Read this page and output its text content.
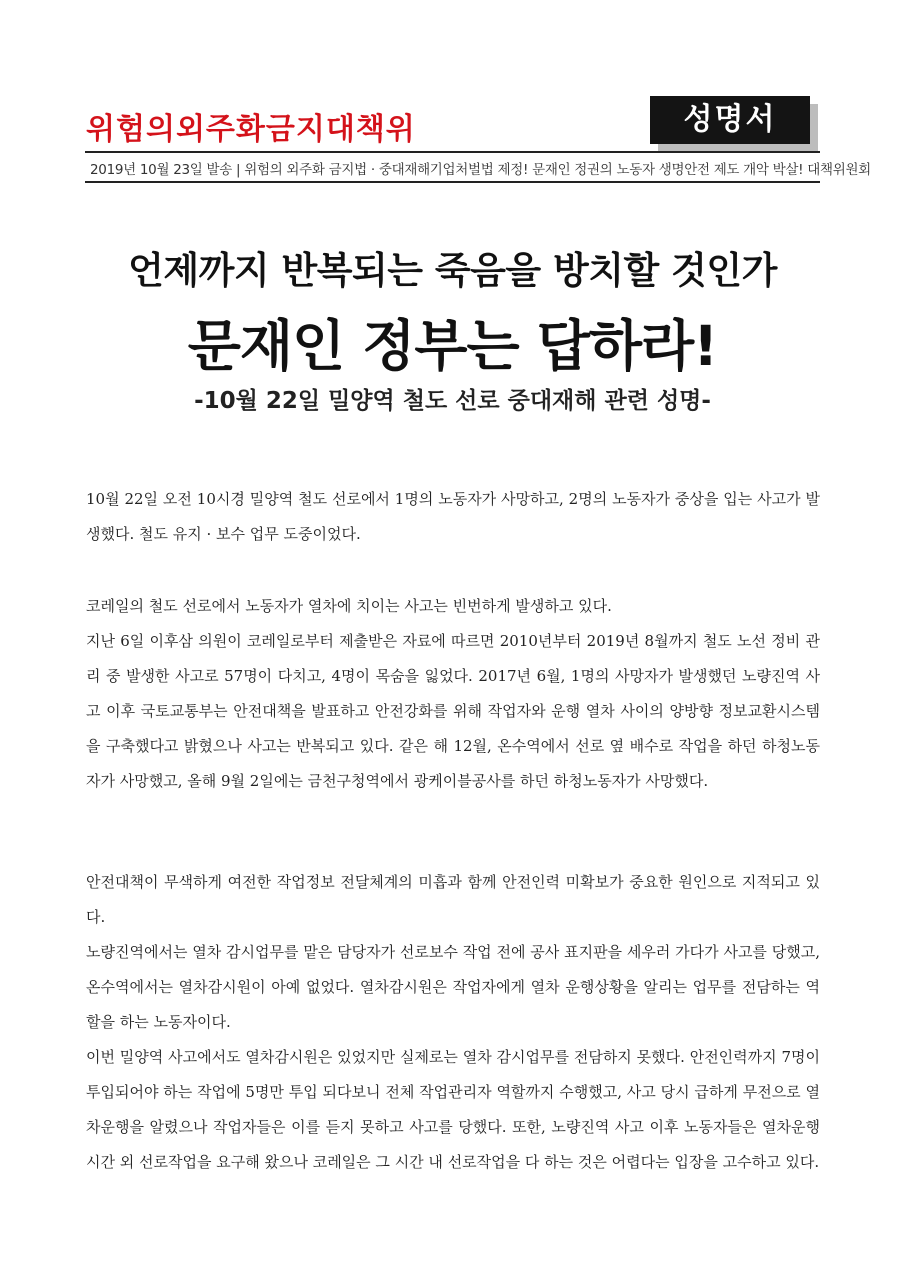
위험의외주화금지대책위	성명서
2019년 10월 23일 발송 | 위험의 외주화 금지법 · 중대재해기업처벌법 제정! 문재인 정권의 노동자 생명안전 제도 개악 박살! 대책위원회
언제까지 반복되는 죽음을 방치할 것인가
문재인 정부는 답하라!
-10월 22일 밀양역 철도 선로 중대재해 관련 성명-

10월 22일 오전 10시경 밀양역 철도 선로에서 1명의 노동자가 사망하고, 2명의 노동자가 중상을 입는 사고가 발생했다. 철도 유지 · 보수 업무 도중이었다.

코레일의 철도 선로에서 노동자가 열차에 치이는 사고는 빈번하게 발생하고 있다.

지난 6일 이후삼 의원이 코레일로부터 제출받은 자료에 따르면 2010년부터 2019년 8월까지 철도 노선 정비 관리 중 발생한 사고로 57명이 다치고, 4명이 목숨을 잃었다. 2017년 6월, 1명의 사망자가 발생했던 노량진역 사고 이후 국토교통부는 안전대책을 발표하고 안전강화를 위해 작업자와 운행 열차 사이의 양방향 정보교환시스템을 구축했다고 밝혔으나 사고는 반복되고 있다. 같은 해 12월, 온수역에서 선로 옆 배수로 작업을 하던 하청노동자가 사망했고, 올해 9월 2일에는 금천구청역에서 광케이블공사를 하던 하청노동자가 사망했다.

안전대책이 무색하게 여전한 작업정보 전달체계의 미흡과 함께 안전인력 미확보가 중요한 원인으로 지적되고 있다.

노량진역에서는 열차 감시업무를 맡은 담당자가 선로보수 작업 전에 공사 표지판을 세우러 가다가 사고를 당했고, 온수역에서는 열차감시원이 아예 없었다. 열차감시원은 작업자에게 열차 운행상황을 알리는 업무를 전담하는 역할을 하는 노동자이다.

이번 밀양역 사고에서도 열차감시원은 있었지만 실제로는 열차 감시업무를 전담하지 못했다. 안전인력까지 7명이 투입되어야 하는 작업에 5명만 투입 되다보니 전체 작업관리자 역할까지 수행했고, 사고 당시 급하게 무전으로 열차운행을 알렸으나 작업자들은 이를 듣지 못하고 사고를 당했다. 또한, 노량진역 사고 이후 노동자들은 열차운행시간 외 선로작업을 요구해 왔으나 코레일은 그 시간 내 선로작업을 다 하는 것은 어렵다는 입장을 고수하고 있다.
